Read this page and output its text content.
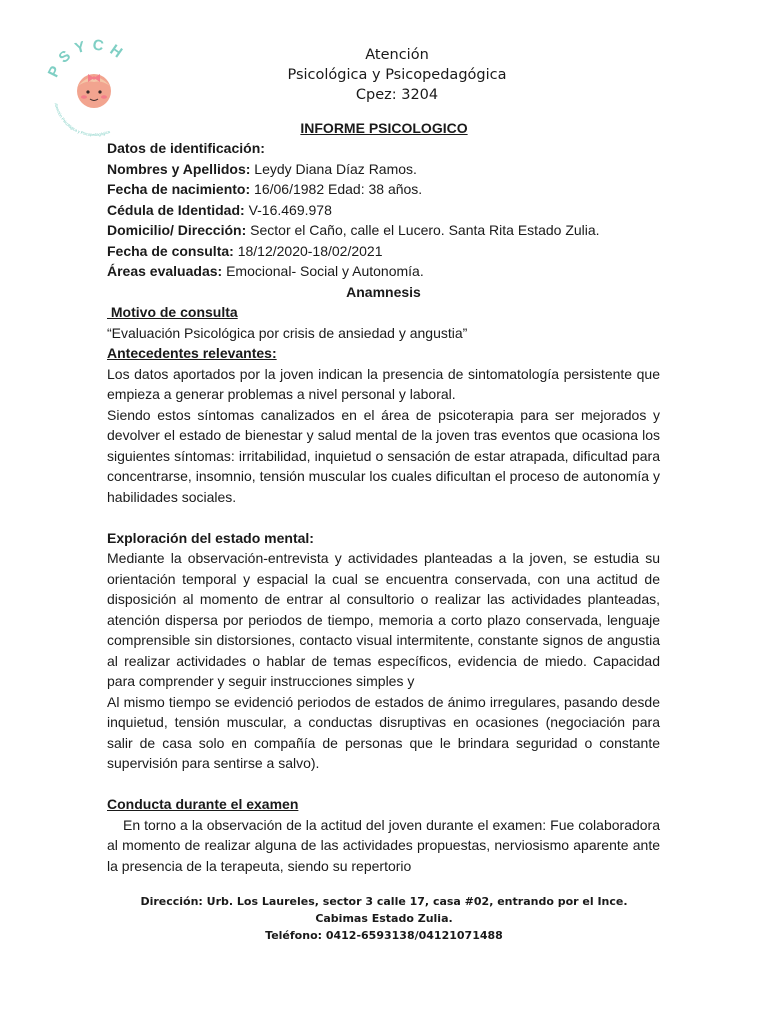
PSYCH
Atención Psicológica y Psicopedagógica
Atención
Psicológica y Psicopedagógica
Cpez: 3204
INFORME PSICOLOGICO
Datos de identificación:
Nombres y Apellidos: Leydy Diana Díaz Ramos.
Fecha de nacimiento: 16/06/1982 Edad: 38 años.
Cédula de Identidad: V-16.469.978
Domicilio/ Dirección: Sector el Caño, calle el Lucero. Santa Rita Estado Zulia.
Fecha de consulta: 18/12/2020-18/02/2021
Áreas evaluadas: Emocional- Social y Autonomía.
Anamnesis
Motivo de consulta
“Evaluación Psicológica por crisis de ansiedad y angustia”
Antecedentes relevantes:

Los datos aportados por la joven indican la presencia de sintomatología persistente que empieza a generar problemas a nivel personal y laboral.

Siendo estos síntomas canalizados en el área de psicoterapia para ser mejorados y devolver el estado de bienestar y salud mental de la joven tras eventos que ocasiona los siguientes síntomas: irritabilidad, inquietud o sensación de estar atrapada, dificultad para concentrarse, insomnio, tensión muscular los cuales dificultan el proceso de autonomía y habilidades sociales.

Exploración del estado mental:

Mediante la observación-entrevista y actividades planteadas a la joven, se estudia su orientación temporal y espacial la cual se encuentra conservada, con una actitud de disposición al momento de entrar al consultorio o realizar las actividades planteadas, atención dispersa por periodos de tiempo, memoria a corto plazo conservada, lenguaje comprensible sin distorsiones, contacto visual intermitente, constante signos de angustia al realizar actividades o hablar de temas específicos, evidencia de miedo. Capacidad para comprender y seguir instrucciones simples y

Al mismo tiempo se evidenció periodos de estados de ánimo irregulares, pasando desde inquietud, tensión muscular, a conductas disruptivas en ocasiones (negociación para salir de casa solo en compañía de personas que le brindara seguridad o constante supervisión para sentirse a salvo).

Conducta durante el examen

En torno a la observación de la actitud del joven durante el examen: Fue colaboradora   al momento de realizar alguna de las actividades propuestas, nerviosismo aparente ante la presencia de la terapeuta, siendo su repertorio

Dirección: Urb. Los Laureles, sector 3 calle 17, casa #02, entrando por el Ince.
Cabimas Estado Zulia.
Teléfono: 0412-6593138/04121071488
